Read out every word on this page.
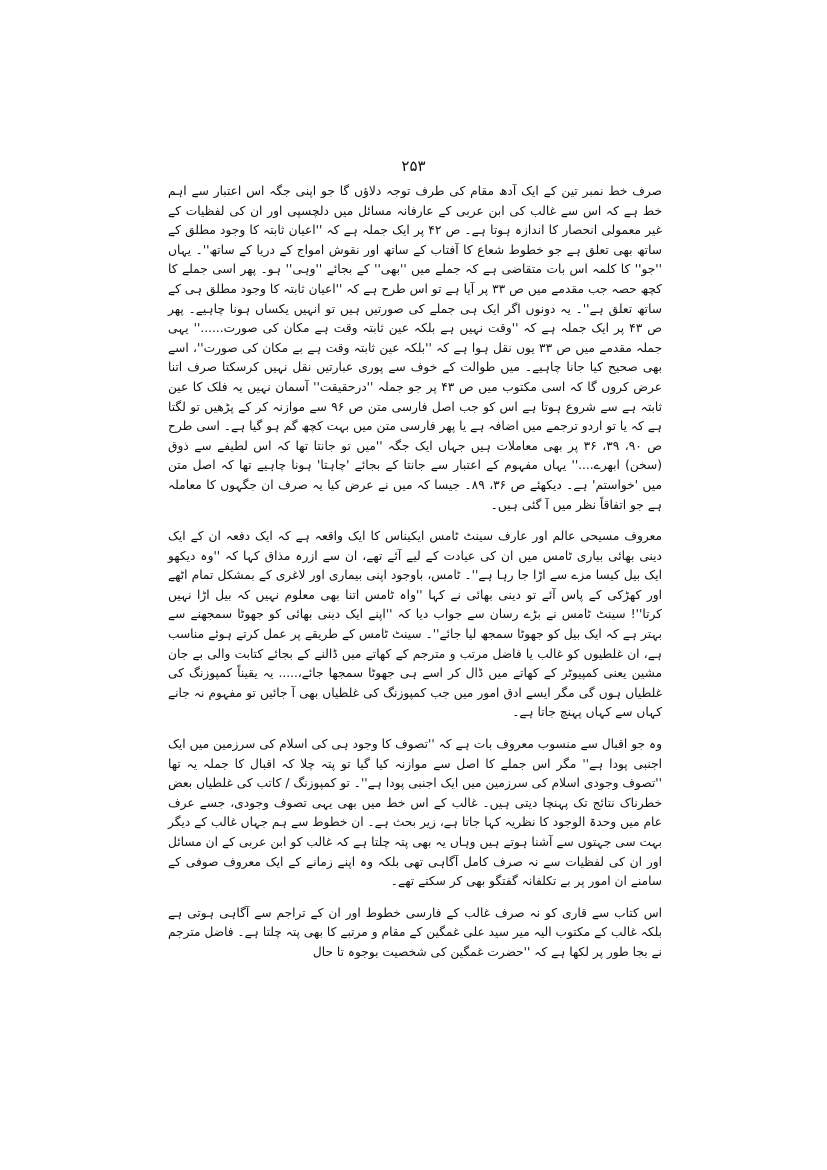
۲۵۳

صرف خط نمبر تین کے ایک آدھ مقام کی طرف توجہ دلاؤں گا جو اپنی جگہ اس اعتبار سے اہم خط ہے کہ اس سے غالب کی ابن عربی کے عارفانہ مسائل میں دلچسپی اور ان کی لفظیات کے غیر معمولی انحصار کا اندازہ ہوتا ہے۔ ص ۴۲ پر ایک جملہ ہے کہ ''اعیان ثابتہ کا وجود مطلق کے ساتھ بھی تعلق ہے جو خطوط شعاع کا آفتاب کے ساتھ اور نقوش امواج کے دریا کے ساتھ''۔ یہاں ''جو'' کا کلمہ اس بات متقاضی ہے کہ جملے میں ''بھی'' کے بجائے ''وہی'' ہو۔ پھر اسی جملے کا کچھ حصہ جب مقدمے میں ص ۳۳ پر آیا ہے تو اس طرح ہے کہ ''اعیان ثابتہ کا وجود مطلق ہی کے ساتھ تعلق ہے''۔ یہ دونوں اگر ایک ہی جملے کی صورتیں ہیں تو انہیں یکساں ہونا چاہیے۔ پھر ص ۴۳ پر ایک جملہ ہے کہ ''وقت نہیں ہے بلکہ عین ثابتہ وقت ہے مکان کی صورت......'' یہی جملہ مقدمے میں ص ۳۳ یوں نقل ہوا ہے کہ ''بلکہ عین ثابتہ وقت ہے بے مکان کی صورت''، اسے بھی صحیح کیا جانا چاہیے۔ میں طوالت کے خوف سے پوری عبارتیں نقل نہیں کرسکتا صرف اتنا عرض کروں گا کہ اسی مکتوب میں ص ۴۳ پر جو جملہ ''درحقیقت'' آسمان نہیں یہ فلک کا عین ثابتہ ہے سے شروع ہوتا ہے اس کو جب اصل فارسی متن ص ۹۶ سے موازنہ کر کے پڑھیں تو لگتا ہے کہ یا تو اردو ترجمے میں اضافہ ہے یا پھر فارسی متن میں بہت کچھ گم ہو گیا ہے۔ اسی طرح ص ۹۰، ۳۹، ۳۶ پر بھی معاملات ہیں جہاں ایک جگہ ''میں تو جانتا تھا کہ اس لطیفے سے ذوق (سخن) ابھرے....'' یہاں مفہوم کے اعتبار سے جانتا کے بجائے 'چاہتا' ہونا چاہیے تھا کہ اصل متن میں 'خواستم' ہے۔ دیکھئے ص ۳۶، ۸۹۔ جیسا کہ میں نے عرض کیا یہ صرف ان جگہوں کا معاملہ ہے جو اتفاقاً نظر میں آ گئی ہیں۔

معروف مسیحی عالم اور عارف سینٹ ٹامس ایکیناس کا ایک واقعہ ہے کہ ایک دفعہ ان کے ایک دینی بھائی بیاری ٹامس میں ان کی عیادت کے لیے آئے تھے، ان سے ازرہ مذاق کہا کہ ''وہ دیکھو ایک بیل کیسا مزے سے اڑا جا رہا ہے''۔ ٹامس، باوجود اپنی بیماری اور لاغری کے بمشکل تمام اٹھے اور کھڑکی کے پاس آئے تو دینی بھائی نے کہا ''واہ ٹامس اتنا بھی معلوم نہیں کہ بیل اڑا نہیں کرتا''! سینٹ ٹامس نے بڑے رسان سے جواب دیا کہ ''اپنے ایک دینی بھائی کو جھوٹا سمجھنے سے بہتر ہے کہ ایک بیل کو جھوٹا سمجھ لیا جائے''۔ سینٹ ٹامس کے طریقے پر عمل کرتے ہوئے مناسب ہے، ان غلطیوں کو غالب یا فاضل مرتب و مترجم کے کھاتے میں ڈالنے کے بجائے کتابت والی بے جان مشین یعنی کمپیوٹر کے کھاتے میں ڈال کر اسے ہی جھوٹا سمجھا جائے،..... یہ یقیناً کمپوزنگ کی غلطیاں ہوں گی مگر ایسے ادق امور میں جب کمپوزنگ کی غلطیاں بھی آ جائیں تو مفہوم نہ جانے کہاں سے کہاں پہنچ جاتا ہے۔

وہ جو اقبال سے منسوب معروف بات ہے کہ ''تصوف کا وجود ہی کی اسلام کی سرزمین میں ایک اجنبی پودا ہے'' مگر اس جملے کا اصل سے موازنہ کیا گیا تو پتہ چلا کہ اقبال کا جملہ یہ تھا ''تصوف وجودی اسلام کی سرزمین میں ایک اجنبی پودا ہے''۔ تو کمپوزنگ / کاتب کی غلطیاں بعض خطرناک نتائج تک پہنچا دیتی ہیں۔ غالب کے اس خط میں بھی یہی تصوف وجودی، جسے عرف عام میں وحدۃ الوجود کا نظریہ کہا جاتا ہے، زیر بحث ہے۔ ان خطوط سے ہم جہاں غالب کے دیگر بہت سی جہتوں سے آشنا ہوتے ہیں وہاں یہ بھی پتہ چلتا ہے کہ غالب کو ابن عربی کے ان مسائل اور ان کی لفظیات سے نہ صرف کامل آگاہی تھی بلکہ وہ اپنے زمانے کے ایک معروف صوفی کے سامنے ان امور پر بے تکلفانہ گفتگو بھی کر سکتے تھے۔

اس کتاب سے قاری کو نہ صرف غالب کے فارسی خطوط اور ان کے تراجم سے آگاہی ہوتی ہے بلکہ غالب کے مکتوب الیہ میر سید علی غمگین کے مقام و مرتبے کا بھی پتہ چلتا ہے۔ فاضل مترجم نے بجا طور پر لکھا ہے کہ ''حضرت غمگین کی شخصیت بوجوہ تا حال
